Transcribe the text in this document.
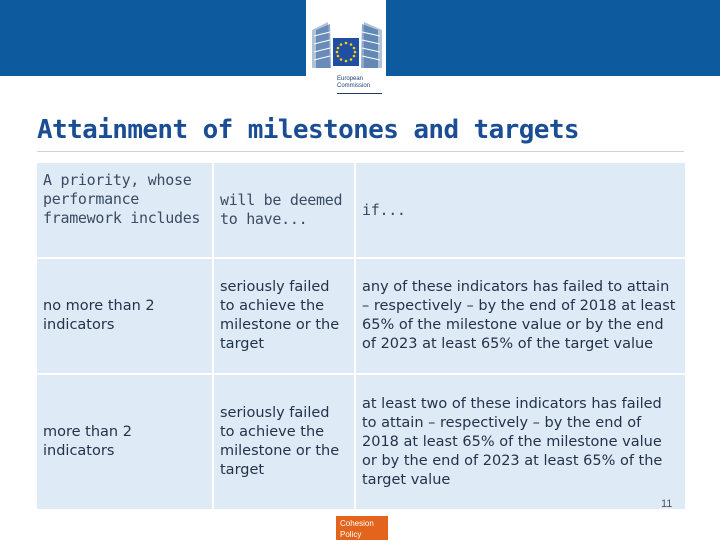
European
Commission
Attainment of milestones and targets
A priority, whose performance framework includes	will be deemed to have...	if...
no more than 2 indicators	seriously failed to achieve the milestone or the target	any of these indicators has failed to attain – respectively – by the end of 2018 at least 65% of the milestone value or by the end of 2023 at least 65% of the target value
more than 2 indicators	seriously failed to achieve the milestone or the target	at least two of these indicators has failed to attain – respectively – by the end of 2018 at least 65% of the milestone value or by the end of 2023 at least 65% of the target value
11
Cohesion
Policy
